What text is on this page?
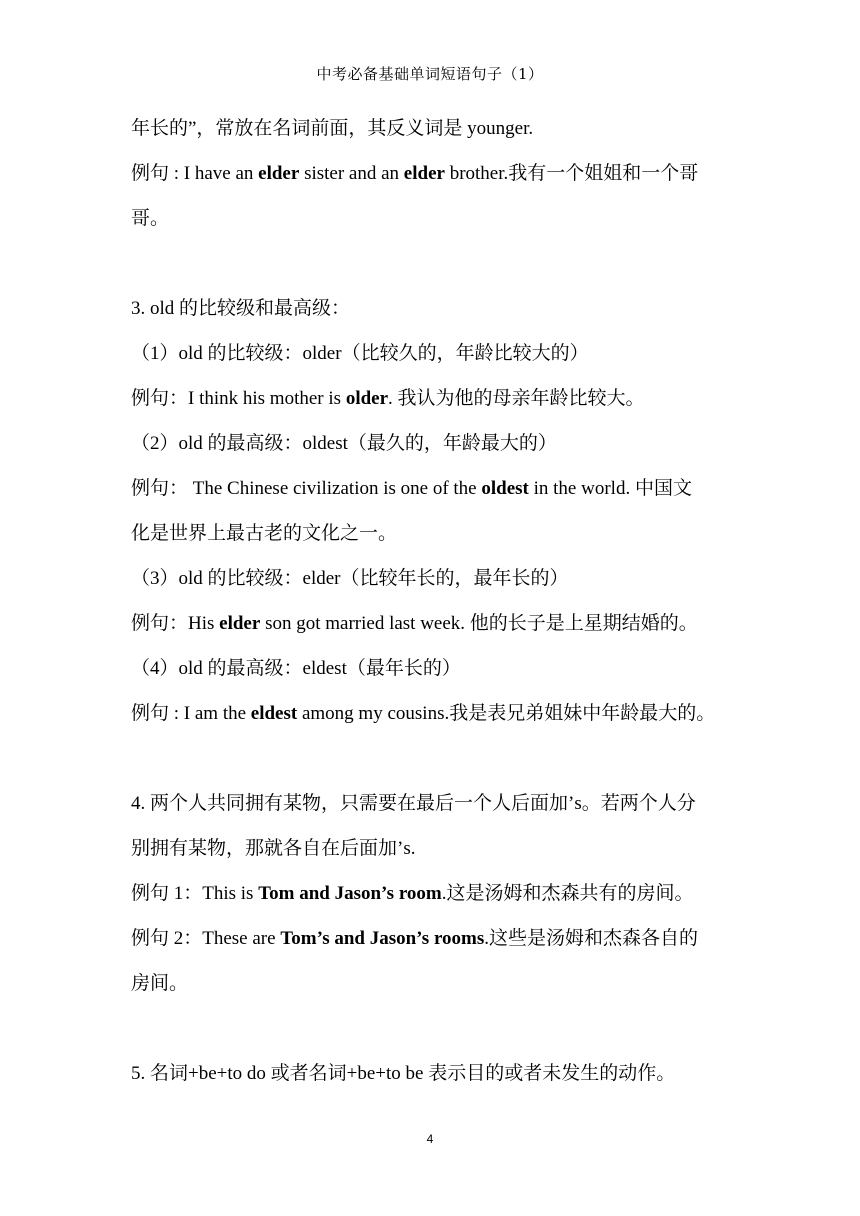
中考必备基础单词短语句子（1）
年长的”，常放在名词前面，其反义词是 younger.
例句 : I have an elder sister and an elder brother.我有一个姐姐和一个哥
哥。
3. old 的比较级和最高级：
（1）old 的比较级：older（比较久的，年龄比较大的）
例句：I think his mother is older. 我认为他的母亲年龄比较大。
（2）old 的最高级：oldest（最久的，年龄最大的）
例句： The Chinese civilization is one of the oldest in the world. 中国文
化是世界上最古老的文化之一。
（3）old 的比较级：elder（比较年长的，最年长的）
例句：His elder son got married last week. 他的长子是上星期结婚的。
（4）old 的最高级：eldest（最年长的）
例句 : I am the eldest among my cousins.我是表兄弟姐妹中年龄最大的。
4. 两个人共同拥有某物，只需要在最后一个人后面加’s。若两个人分
别拥有某物，那就各自在后面加’s.
例句 1：This is Tom and Jason’s room.这是汤姆和杰森共有的房间。
例句 2：These are Tom’s and Jason’s rooms.这些是汤姆和杰森各自的
房间。
5. 名词+be+to do 或者名词+be+to be 表示目的或者未发生的动作。
4
